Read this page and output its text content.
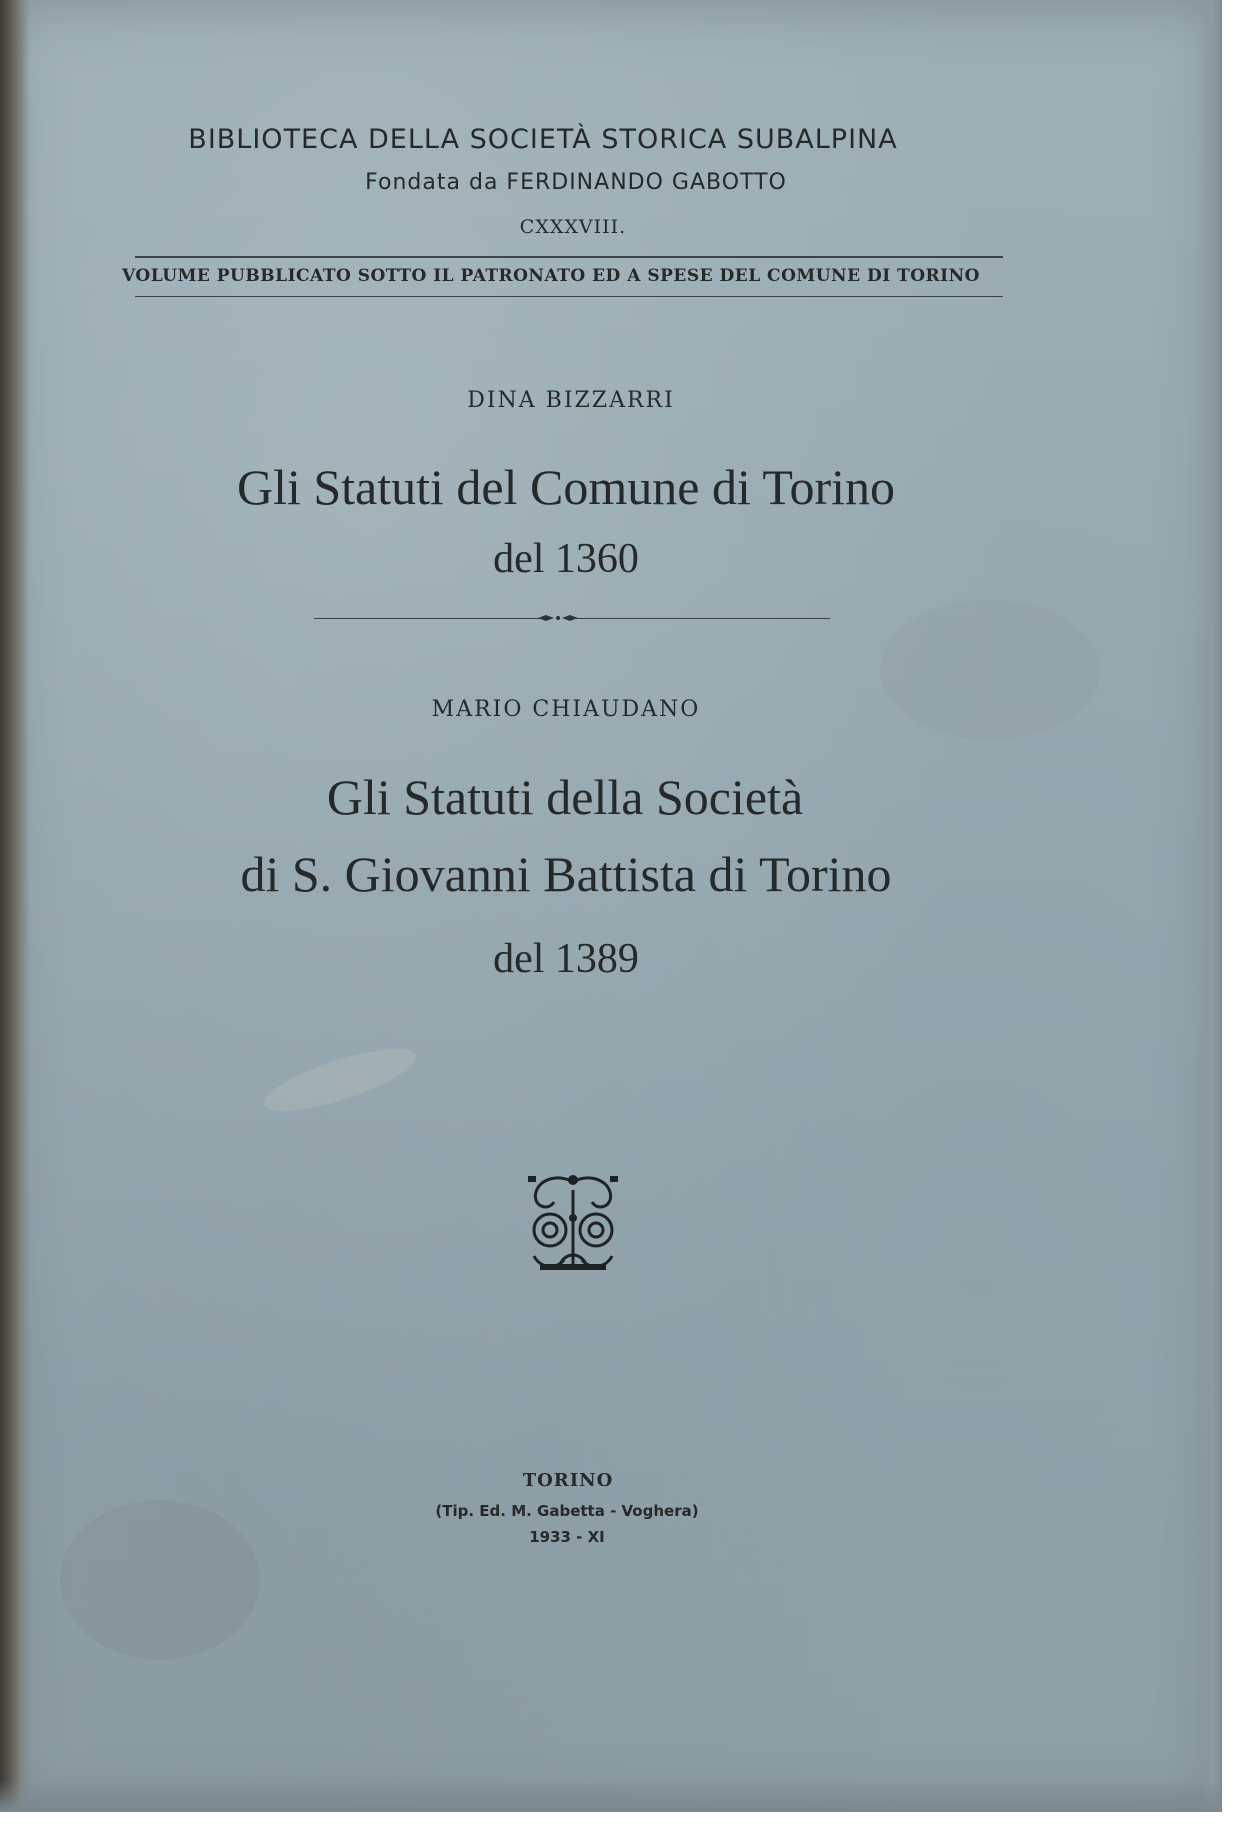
BIBLIOTECA DELLA SOCIETÀ STORICA SUBALPINA
Fondata da FERDINANDO GABOTTO
CXXXVIII.
VOLUME PUBBLICATO SOTTO IL PATRONATO ED A SPESE DEL COMUNE DI TORINO
DINA BIZZARRI
Gli Statuti del Comune di Torino
del 1360
MARIO CHIAUDANO
Gli Statuti della Società
di S. Giovanni Battista di Torino
del 1389
TORINO
(Tip. Ed. M. Gabetta - Voghera)
1933 - XI
